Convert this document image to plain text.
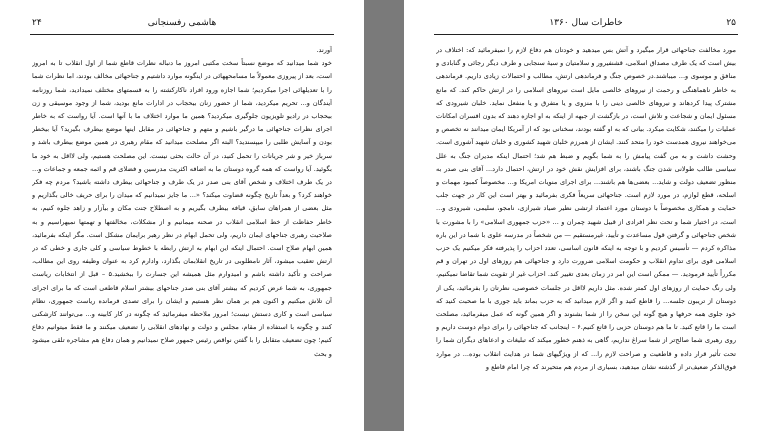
۲۴	هاشمی رفسنجانی

آورند.

خود شما میدانید که موضع نسبتاً سخت مکتبی امروز ما دنباله نظرات قاطع شما از اول انقلاب تا به امروز است، بعد از پیروزی معمولاً ما مسامحههائی در اینگونه موارد داشتیم و جناحهائی مخالف بودند، اما نظرات شما را با تعدیلهائی اجرا میکردیم؛ شما اجازه ورود افراد ناکارکشته را به قسمتهای مختلف نمیدادید، شما روزنامه آیندگان و... تحریم میکردید، شما از حضور زنان بیحجاب در ادارات مانع بودید، شما از وجود موسیقی و زن بیحجاب در رادیو تلویزیون جلوگیری میکردید؟ همین ما موارد اختلاف ما با آنها است. آیا رواست که به خاطر اجرای نظرات جناحهائی ما درگیر باشیم و متهم و جناحهائی در مقابل اینها موضع بیطرف بگیرید؟ آیا بیخطر بودن و آسایش طلبی را میپسندید؟ البته اگر مصلحت میدانید که مقام رهبری در همین موضع بیطرف باشد و سرباز خیر و شر جریانات را تحمل کنید، در آن حالت بحثی نیست. این مصلحت هستیم، ولی لااقل به خود ما بگوئید. آیا رواست که همه گروه دوستان ما به اضافه اکثریت مدرسین و فضلای قم و ائمه جمعه و جماعات و... در یک طرف اختلاف و شخص آقای بنی صدر در یک طرف و جناحهائی بیطرف داشته باشید؟ مردم چه فکر خواهند کرد؟ و بعداً تاریخ چگونه قضاوت میکند؟ «... ما جایز نمیدانیم که میدان را برای حریف خالی بگذاریم و مثل بعضی از همراهان سابق، قیافه بیطرف بگیریم و به اصطلاح جنت مکان و بیآزار و زاهد جلوه کنیم، به خاطر حفاظت از خط اسلامی انقلاب در صحنه میمانیم و از مشکلات، مخالفتها و تهمتها نمیهراسیم و به صلاحیت رهبری جناحهای ایمان داریم، ولی تحمل ابهام در نظر رهبر برایمان مشکل است. مگر اینکه بفرمائید، همین ابهام صلاح است. احتمال اینکه این ابهام به ارتش رابطه با خطوط سیاسی و کلی جاری و خطی که در ارتش تعقیب میشود، آثار نامطلوبی در تاریخ انقلابمان بگذارد، وادارم کرد به عنوان وظیفه روی این مطالب، صراحت و تأکید داشته باشم و امیدوارم مثل همیشه این جسارت را ببخشید.۵ – قبل از انتخابات ریاست جمهوری، به شما عرض کردیم که بیشتر آقای بنی صدر جناحهای بیشتر اسلام قاطعی است که ما برای اجرای آن تلاش میکنیم و اکنون هم بر همان نظر هستیم و ایشان را برای تصدی فرمانده ریاست جمهوری، نظام سیاسی است و کاری دستش نیست؛ امروز ملاحظه میفرمائید که چگونه در کار کابینه و... می‌توانند کارشکنی کنند و چگونه با استفاده از مقام، مجلس و دولت و نهادهای انقلابی را تضعیف میکنند و ما فقط میتوانیم دفاع کنیم؛ چون تضعیف متقابل را با گفتن نواقص رئیس جمهور صلاح نمیدانیم و همان دفاع هم مشاجره تلقی میشود و بحث

۲۵
خاطرات سال ۱۳۶۰

مورد مخالفت جناحهائی قرار میگیرد و آتش بس میدهید و خودتان هم دفاع لازم را نمیفرمائید که: اختلاف در بیش است که یک طرف مصداق اسلامی، قشنفیرور و سلامتیان و سیهٔ سنجابی و طرف دیگر رجائی و گنابادی و منافق و موسوی و... میباشند.در خصوص جنگ و فرماندهی ارتش، مطالب و احتمالات زیادی داریم. فرماندهی به خاطر ناهماهنگی و رحمت از نیروهای خالصی مایل است نیروهای اسلامی را در ارتش حاکم کند. که مانع مشترک پیدا کردهاند و نیروهای خالصی دینی را با منزوی و یا متفرق و یا منفعل نماید. خلبان شیرودی که مسئول ایمان و شجاعت و تلاش است، در بازگشت از جبهه از اینکه به او اجازه دهند که بدون افسران امکانات عملیات را میکنند، شکایت میکرد. بیانی که به او گفته بودند، سخنانی بود که از آمریکا ایمان میدانند نه تخصص و می‌خواهند نیروی همدست خود را متحد کنند. ایشان از همرزم خلبان شهید کشوری و خلبان شهید آشوری است. وحشت داشت و به من گفت پیامش را به شما بگویم و ضبط هم شد؛ احتمال اینکه مدیران جنگ به علل سیاسی طالب طولانی شدن جنگ باشند، برای افزایش نقش خود در ارتش، احتمال دارد... آقای بنی صدر به منظور تضعیف دولت و شاید... بعضی‌ها هم باشند... برای اجرای منویات امریکا و... مخصوصاً کمبود مهمات و اسلحه، قطع لوازم، در مورد لازم است. جناحهائی سریعاً فکری بفرمائید و بهتر است این کار در جهت جلب حمایت و همکاری مخصوصاً با دوستان مورد اعتماد ارتشی نظیر صیاد شیرازی، نامجو، سلیمی، شیرودی و... است، در اختیار شما و تحت نظر افرادی از قبیل شهید چمران و ... «حزب جمهوری اسلامی» را با مشورت با شخص جناحهائی و گرفتن قول مساعدت و تأیید، غیرمستقیم — من شخصاً در مدرسه علوی با شما در این باره مذاکره کردم — تأسیس کردیم و با توجه به اینکه قانون اساسی، تعدد احزاب را پذیرفته فکر میکنیم یک حزب اسلامی قوی برای تداوم انقلاب و حکومت اسلامی ضرورت دارد و جناحهائی هم روزهای اول در تهران و قم مکرراً تأیید فرمودید. — ممکن است این امر در زمان بعدی تغییر کند. احزاب غیر از تقویت شما تقاضا نمیکنیم، ولی رنگ حمایت از روزهای اول کمتر شده. مثل داریم لااقل در جلسات خصوصی، نظرتان را بفرمائید، یکی از دوستان از تریبون جلسه... را قاطع کنید و اگر لازم میدانید که به حزب بماند باید جوری با ما صحبت کنید که خود جلوی همه حرفها و هیچ گونه این سخن را از شما بشنوند و اگر همین گونه که عمل میفرمائید، مصلحت است ما را قانع کنید. تا ما هم دوستان حزبی را قانع کنیم.۶ – اینجانب که جناحهائی را برای دوام دوست داریم و روی رهبری شما صالح‌تر از شما سراغ نداریم، گاهی به ذهنم خطور میکند که تبلیغات و ادعاهای دیگران شما را تحت تأثیر قرار داده و قاطعیت و صراحت لازم را... که از ویژگیهای شما در هدایت انقلاب بوده... در موارد فوق‌الذکر ضعیف‌تر از گذشته نشان میدهید، بسیاری از مردم هم متحیرند که چرا امام قاطع و
